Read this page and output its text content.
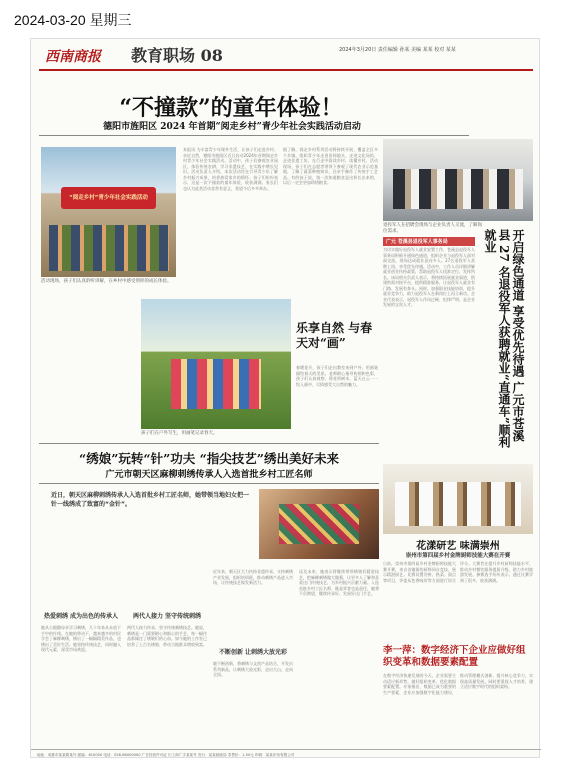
2024-03-20 星期三
西南商报 教育职场 08	2024年3月20日 责任编辑 孙某 美编 某某 校对 某某
“不撞款”的童年体验！
德阳市旌阳区 2024 年首期“阅走乡村”青少年社会实践活动启动
“阅走乡村”青少年社会实践活动
活动现场，孩子们认真聆听讲解，在乡村中感受别样的成长体验。
本报讯 为丰富青少年课外生活，让孩子们走进乡村、亲近自然，德阳市旌阳区近日启动2024年首期阅走乡村青少年社会实践活动。活动中，孩子们参观农业园区，体验传统农耕，学习非遗技艺，在实践中增长见识。活动负责人介绍，本次活动旨在引导青少年了解乡村振兴成果，培养热爱家乡的情怀。孩子们纷纷表示，这是一次不撞款的童年体验，收获满满。家长们也认为此类活动非常有意义，希望今后多多举办。
据了解，阅走乡村系列活动将持续开展，覆盖全区多个乡镇，组织青少年走进田间地头、走进文化场馆、走进非遗工坊，在行走中阅读乡村、读懂乡村。活动现场，孩子们在志愿者带领下参观了现代农业示范基地，了解了蔬菜种植知识，还亲手制作了传统手工艺品。有的孩子说，第一次知道粮食是这样长出来的，以后一定会更加珍惜粮食。
退役军人在招聘会现场与企业负责人交流，了解岗位需求。	开启绿色通道 享受优先待遇 广元市苍溪县 27 名退役军人获聘就业“直通车”顺利就业
广元 苍溪县退役军人事务局
为切实做好退役军人就业安置工作，苍溪县退役军人事务局积极开通绿色通道，组织企业与退役军人面对面交流，现场达成就业意向多人。27名退役军人获聘上岗，享受优先待遇。活动中，工作人员详细讲解就业创业扶持政策，帮助退役军人找准定位、发挥所长。该局相关负责人表示，将持续拓展就业渠道，搭建供需对接平台，提供精准服务，让退役军人就业有门路、发展有奔头。同时，加强职业技能培训，提升就业竞争力，助力退役军人在新岗位上再立新功。企业代表表示，退役军人作风过硬、纪律严明，是企业发展的宝贵人才。
乐享自然 与春天对“画”
春暖花开，孩子们走出教室来到户外，用画笔描绘春天的美景。老师耐心指导构图和色彩，孩子们认真观察，将花草树木、蓝天白云一一绘入画中，尽情感受大自然的魅力。
孩子们在户外写生，用画笔记录春天。
“绣娘”玩转“针”功夫 “指尖技艺”绣出美好未来
广元市朝天区麻柳刺绣传承人入选首批乡村工匠名师
近日，朝天区麻柳刺绣传承人入选首批乡村工匠名师，她带领当地妇女把一针一线绣成了致富的“金针”。
热爱刺绣 成为出色的传承人
她从小跟随母亲学习刺绣，几十年来从未放下手中的针线。在她的带动下，越来越多的村民学会了麻柳刺绣，绣出了一幅幅精美作品，也绣出了美好生活。她坚持传统技艺，同时融入现代元素，深受市场欢迎。
两代人接力 坚守传统刺绣
两代人接力传承，坚守传统刺绣技艺。她说，刺绣是一门需要耐心和细心的手艺，每一幅作品都倾注了绣娘们的心血。如今她的工作室已培养了上百名绣娘，带动当地群众增收致富。
不断创新 让刺绣大放光彩
近年来，朝天区大力扶持非遗传承，支持刺绣产业发展，组织培训班，推动刺绣产品进入市场，让传统技艺焕发新活力。
她不断创新，将刺绣与文创产品结合，开发出系列新品，让刺绣大放光彩，走出大山、走向全国。
谈及未来，她表示将继续带领绣娘们精进技艺，把麻柳刺绣做大做强，让更多人了解和喜爱这门传统技艺，为乡村振兴贡献力量。入选首批乡村工匠名师，既是荣誉也是责任，她将不负期望，继续传承好、发展好这门手艺。
花漾研艺 味满崇州
崇州市第四届乡村金牌厨师技能大赛在开赛
日前，崇州市第四届乡村金牌厨师技能大赛开赛，来自各镇街的厨师同台竞技，展示精湛厨艺。比赛设置冷拼、热菜、面点等项目，评委从色香味形等方面进行综合评分。大赛旨在提升乡村厨师技能水平，推动乡村餐饮服务提质升级，助力乡村旅游发展。参赛选手纷纷表示，通过比赛学到了很多，收获满满。
李一萍：数字经济下企业应做好组织变革和数据要素配置
在数字经济快速发展的今天，企业需要主动适应新形势，做好组织变革，优化数据要素配置。专家指出，数据已成为重要的生产要素，企业应加强数字化能力建设，推动管理模式创新，提升核心竞争力，实现高质量发展。同时要重视人才培养，建立适应数字时代的组织架构。
地址：成都市某某路某号 邮编：610000 电话：028-86000000 广告经营许可证 川工商广字某某号 发行：某某邮政局 零售价：1.50元 印刷：某某印务有限公司
